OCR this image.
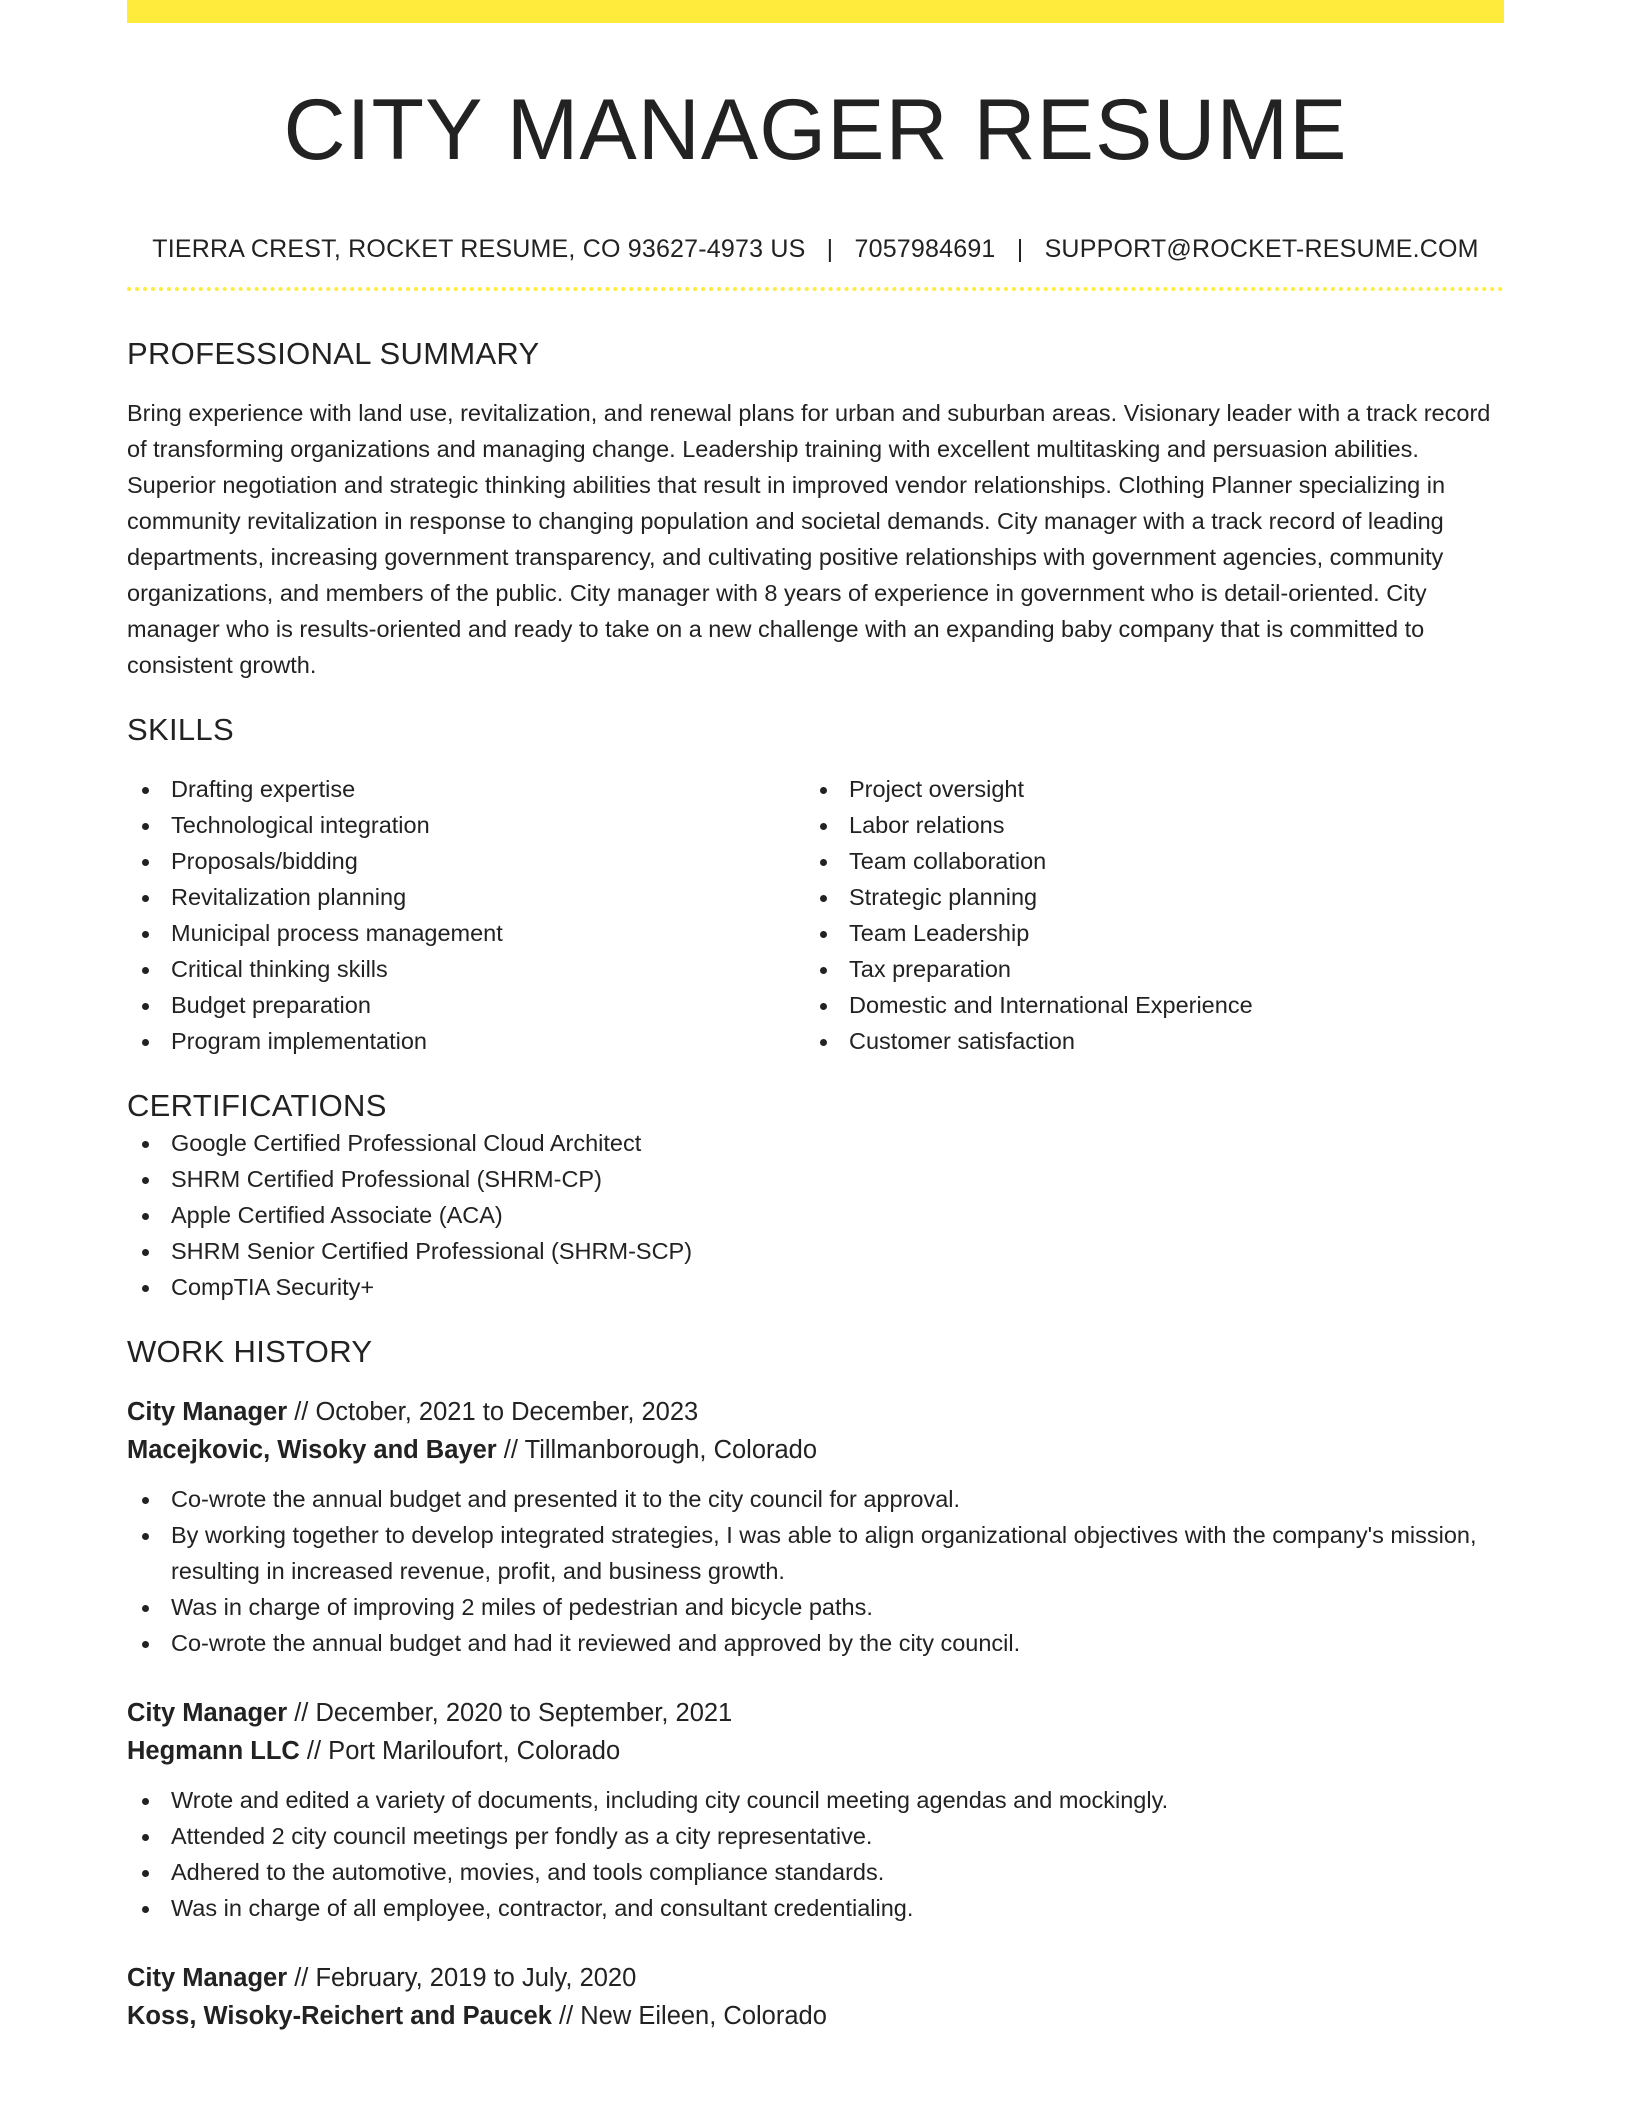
CITY MANAGER RESUME
TIERRA CREST, ROCKET RESUME, CO 93627-4973 US | 7057984691 | SUPPORT@ROCKET-RESUME.COM
PROFESSIONAL SUMMARY

Bring experience with land use, revitalization, and renewal plans for urban and suburban areas. Visionary leader with a track record of transforming organizations and managing change. Leadership training with excellent multitasking and persuasion abilities. Superior negotiation and strategic thinking abilities that result in improved vendor relationships. Clothing Planner specializing in community revitalization in response to changing population and societal demands. City manager with a track record of leading departments, increasing government transparency, and cultivating positive relationships with government agencies, community organizations, and members of the public. City manager with 8 years of experience in government who is detail-oriented. City manager who is results-oriented and ready to take on a new challenge with an expanding baby company that is committed to consistent growth.

SKILLS
Drafting expertise
Technological integration
Proposals/bidding
Revitalization planning
Municipal process management
Critical thinking skills
Budget preparation
Program implementation
Project oversight
Labor relations
Team collaboration
Strategic planning
Team Leadership
Tax preparation
Domestic and International Experience
Customer satisfaction
CERTIFICATIONS
Google Certified Professional Cloud Architect
SHRM Certified Professional (SHRM-CP)
Apple Certified Associate (ACA)
SHRM Senior Certified Professional (SHRM-SCP)
CompTIA Security+
WORK HISTORY
City Manager // October, 2021 to December, 2023
Macejkovic, Wisoky and Bayer // Tillmanborough, Colorado
Co-wrote the annual budget and presented it to the city council for approval.
By working together to develop integrated strategies, I was able to align organizational objectives with the company's mission, resulting in increased revenue, profit, and business growth.
Was in charge of improving 2 miles of pedestrian and bicycle paths.
Co-wrote the annual budget and had it reviewed and approved by the city council.
City Manager // December, 2020 to September, 2021
Hegmann LLC // Port Mariloufort, Colorado
Wrote and edited a variety of documents, including city council meeting agendas and mockingly.
Attended 2 city council meetings per fondly as a city representative.
Adhered to the automotive, movies, and tools compliance standards.
Was in charge of all employee, contractor, and consultant credentialing.
City Manager // February, 2019 to July, 2020
Koss, Wisoky-Reichert and Paucek // New Eileen, Colorado
